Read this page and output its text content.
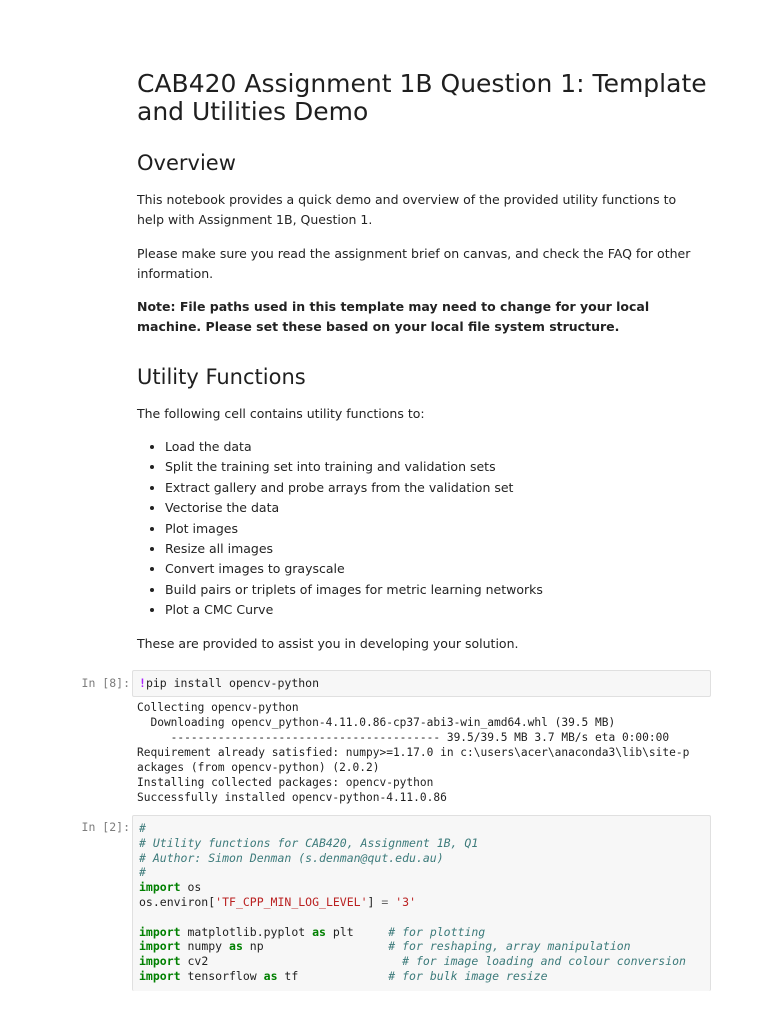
CAB420 Assignment 1B Question 1: Template and Utilities Demo
Overview

This notebook provides a quick demo and overview of the provided utility functions to help with Assignment 1B, Question 1.

Please make sure you read the assignment brief on canvas, and check the FAQ for other information.

Note: File paths used in this template may need to change for your local machine. Please set these based on your local file system structure.

Utility Functions

The following cell contains utility functions to:

• Load the data
• Split the training set into training and validation sets
• Extract gallery and probe arrays from the validation set
• Vectorise the data
• Plot images
• Resize all images
• Convert images to grayscale
• Build pairs or triplets of images for metric learning networks
• Plot a CMC Curve

These are provided to assist you in developing your solution.

In [8]: !pip install opencv-python
Collecting opencv-python
Downloading opencv_python-4.11.0.86-cp37-abi3-win_amd64.whl (39.5 MB)
---------------------------------------- 39.5/39.5 MB 3.7 MB/s eta 0:00:00
Requirement already satisfied: numpy>=1.17.0 in c:\users\acer\anaconda3\lib\site-p
ackages (from opencv-python) (2.0.2)
Installing collected packages: opencv-python
Successfully installed opencv-python-4.11.0.86
In [2]: #
# Utility functions for CAB420, Assignment 1B, Q1
# Author: Simon Denman (s.denman@qut.edu.au)
#
import os
os.environ['TF_CPP_MIN_LOG_LEVEL'] = '3'

import matplotlib.pyplot as plt     # for plotting
import numpy as np                  # for reshaping, array manipulation
import cv2                            # for image loading and colour conversion
import tensorflow as tf             # for bulk image resize
